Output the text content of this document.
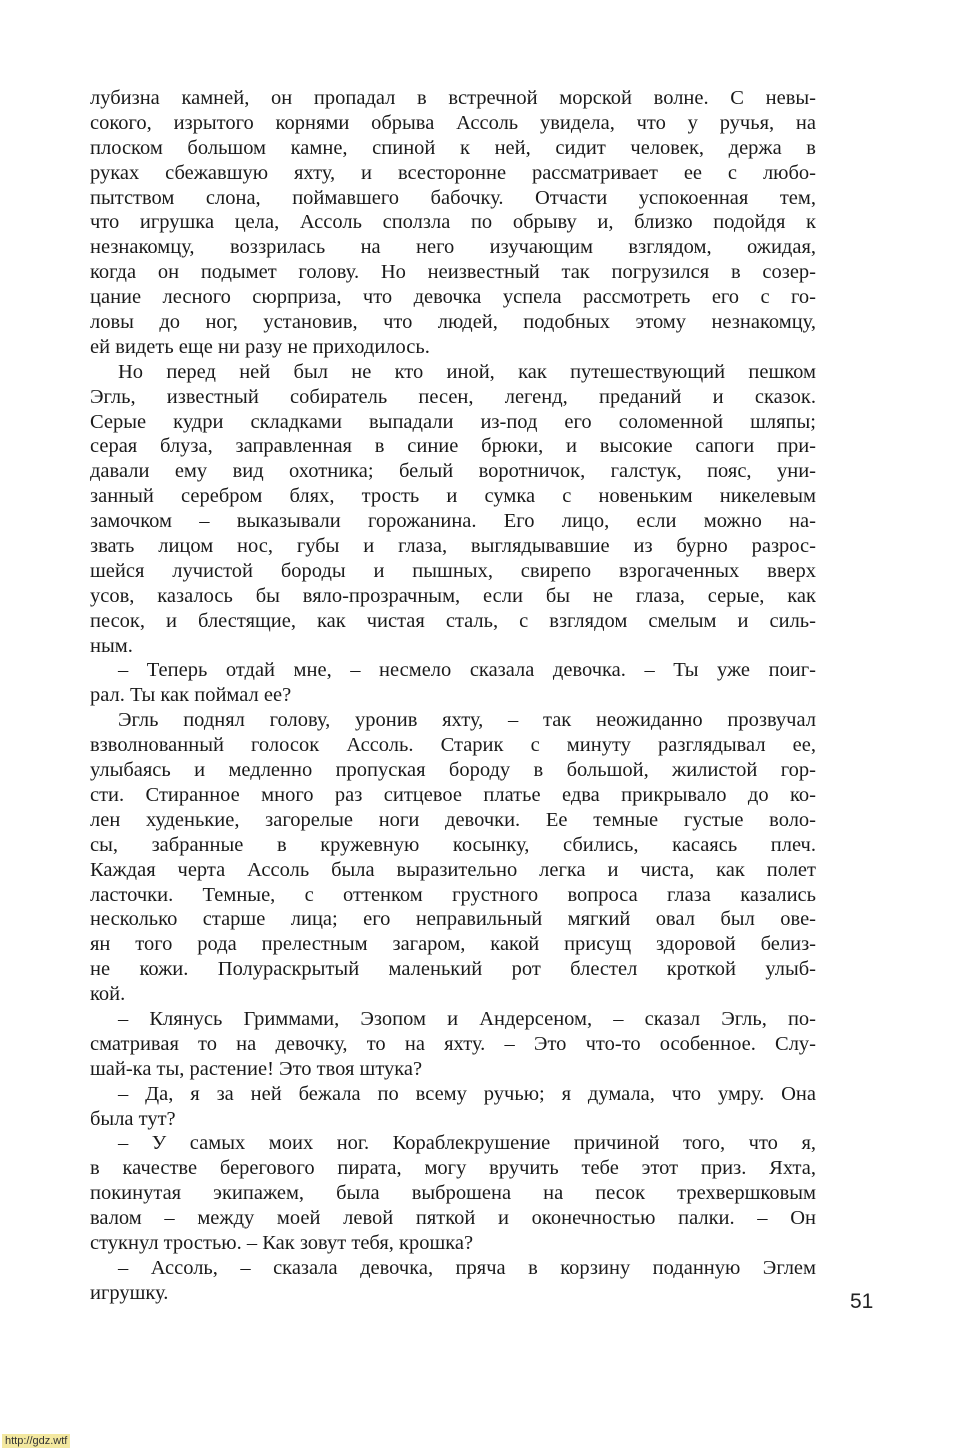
лубизна камней, он пропадал в встречной морской волне. С невы-
сокого, изрытого корнями обрыва Ассоль увидела, что у ручья, на
плоском большом камне, спиной к ней, сидит человек, держа в
руках сбежавшую яхту, и всесторонне рассматривает ее с любо-
пытством слона, поймавшего бабочку. Отчасти успокоенная тем,
что игрушка цела, Ассоль сползла по обрыву и, близко подойдя к
незнакомцу, воззрилась на него изучающим взглядом, ожидая,
когда он подымет голову. Но неизвестный так погрузился в созер-
цание лесного сюрприза, что девочка успела рассмотреть его с го-
ловы до ног, установив, что людей, подобных этому незнакомцу,
ей видеть еще ни разу не приходилось.
Но перед ней был не кто иной, как путешествующий пешком
Эгль, известный собиратель песен, легенд, преданий и сказок.
Серые кудри складками выпадали из-под его соломенной шляпы;
серая блуза, заправленная в синие брюки, и высокие сапоги при-
давали ему вид охотника; белый воротничок, галстук, пояс, уни-
занный серебром блях, трость и сумка с новеньким никелевым
замочком – выказывали горожанина. Его лицо, если можно на-
звать лицом нос, губы и глаза, выглядывавшие из бурно разрос-
шейся лучистой бороды и пышных, свирепо взрогаченных вверх
усов, казалось бы вяло-прозрачным, если бы не глаза, серые, как
песок, и блестящие, как чистая сталь, с взглядом смелым и силь-
ным.
– Теперь отдай мне, – несмело сказала девочка. – Ты уже поиг-
рал. Ты как поймал ее?
Эгль поднял голову, уронив яхту, – так неожиданно прозвучал
взволнованный голосок Ассоль. Старик с минуту разглядывал ее,
улыбаясь и медленно пропуская бороду в большой, жилистой гор-
сти. Стиранное много раз ситцевое платье едва прикрывало до ко-
лен худенькие, загорелые ноги девочки. Ее темные густые воло-
сы, забранные в кружевную косынку, сбились, касаясь плеч.
Каждая черта Ассоль была выразительно легка и чиста, как полет
ласточки. Темные, с оттенком грустного вопроса глаза казались
несколько старше лица; его неправильный мягкий овал был ове-
ян того рода прелестным загаром, какой присущ здоровой белиз-
не кожи. Полураскрытый маленький рот блестел кроткой улыб-
кой.
– Клянусь Гриммами, Эзопом и Андерсеном, – сказал Эгль, по-
сматривая то на девочку, то на яхту. – Это что-то особенное. Слу-
шай-ка ты, растение! Это твоя штука?
– Да, я за ней бежала по всему ручью; я думала, что умру. Она
была тут?
– У самых моих ног. Кораблекрушение причиной того, что я,
в качестве берегового пирата, могу вручить тебе этот приз. Яхта,
покинутая экипажем, была выброшена на песок трехвершковым
валом – между моей левой пяткой и оконечностью палки. – Он
стукнул тростью. – Как зовут тебя, крошка?
– Ассоль, – сказала девочка, пряча в корзину поданную Эглем
игрушку.	51
http://gdz.wtf
